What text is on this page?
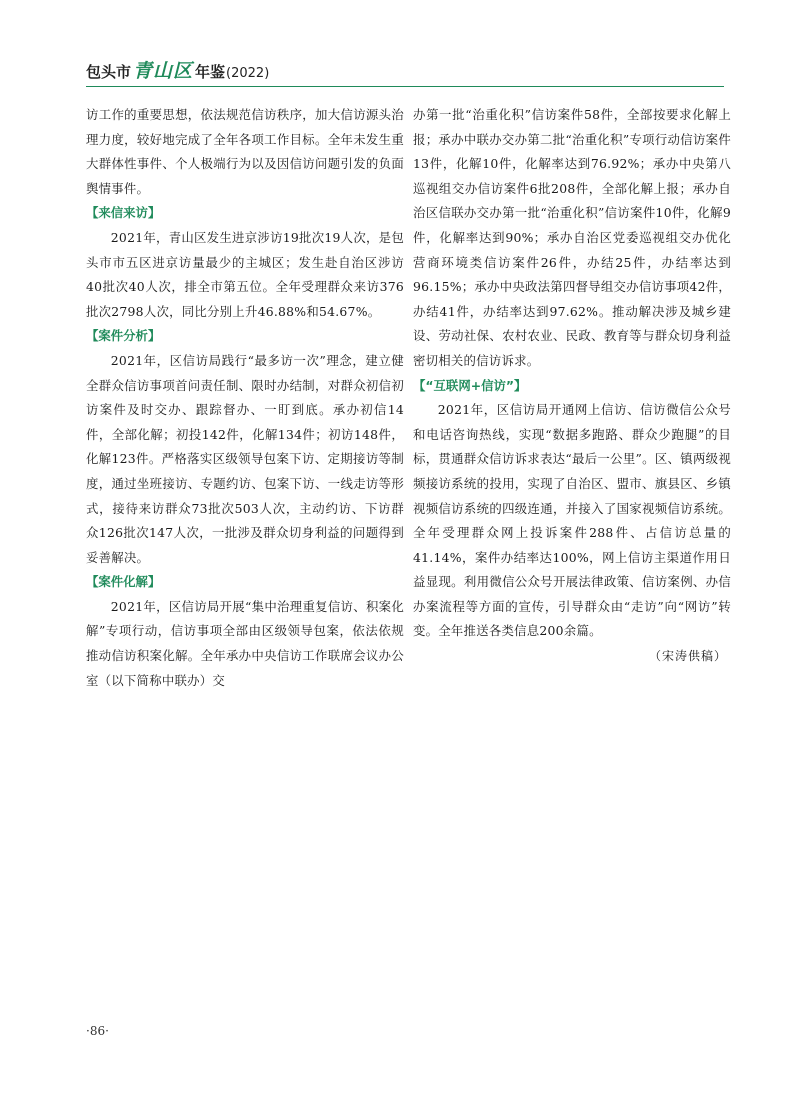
包头市 青山区 年鉴 (2022)

访工作的重要思想，依法规范信访秩序，加大信访源头治理力度，较好地完成了全年各项工作目标。全年未发生重大群体性事件、个人极端行为以及因信访问题引发的负面舆情事件。

【来信来访】

2021年，青山区发生进京涉访19批次19人次，是包头市市五区进京访量最少的主城区；发生赴自治区涉访40批次40人次，排全市第五位。全年受理群众来访376批次2798人次，同比分别上升46.88%和54.67%。

【案件分析】

2021年，区信访局践行“最多访一次”理念，建立健全群众信访事项首问责任制、限时办结制，对群众初信初访案件及时交办、跟踪督办、一盯到底。承办初信14件，全部化解；初投142件，化解134件；初访148件，化解123件。严格落实区级领导包案下访、定期接访等制度，通过坐班接访、专题约访、包案下访、一线走访等形式，接待来访群众73批次503人次，主动约访、下访群众126批次147人次，一批涉及群众切身利益的问题得到妥善解决。

【案件化解】

2021年，区信访局开展“集中治理重复信访、积案化解”专项行动，信访事项全部由区级领导包案，依法依规推动信访积案化解。全年承办中央信访工作联席会议办公室（以下简称中联办）交

办第一批“治重化积”信访案件58件，全部按要求化解上报；承办中联办交办第二批“治重化积”专项行动信访案件13件，化解10件，化解率达到76.92%；承办中央第八巡视组交办信访案件6批208件，全部化解上报；承办自治区信联办交办第一批“治重化积”信访案件10件，化解9件，化解率达到90%；承办自治区党委巡视组交办优化营商环境类信访案件26件，办结25件，办结率达到96.15%；承办中央政法第四督导组交办信访事项42件，办结41件，办结率达到97.62%。推动解决涉及城乡建设、劳动社保、农村农业、民政、教育等与群众切身利益密切相关的信访诉求。

【“互联网+信访”】

2021年，区信访局开通网上信访、信访微信公众号和电话咨询热线，实现“数据多跑路、群众少跑腿”的目标，贯通群众信访诉求表达“最后一公里”。区、镇两级视频接访系统的投用，实现了自治区、盟市、旗县区、乡镇视频信访系统的四级连通，并接入了国家视频信访系统。全年受理群众网上投诉案件288件、占信访总量的41.14%，案件办结率达100%，网上信访主渠道作用日益显现。利用微信公众号开展法律政策、信访案例、办信办案流程等方面的宣传，引导群众由“走访”向“网访”转变。全年推送各类信息200余篇。

（宋涛供稿）

·86·
